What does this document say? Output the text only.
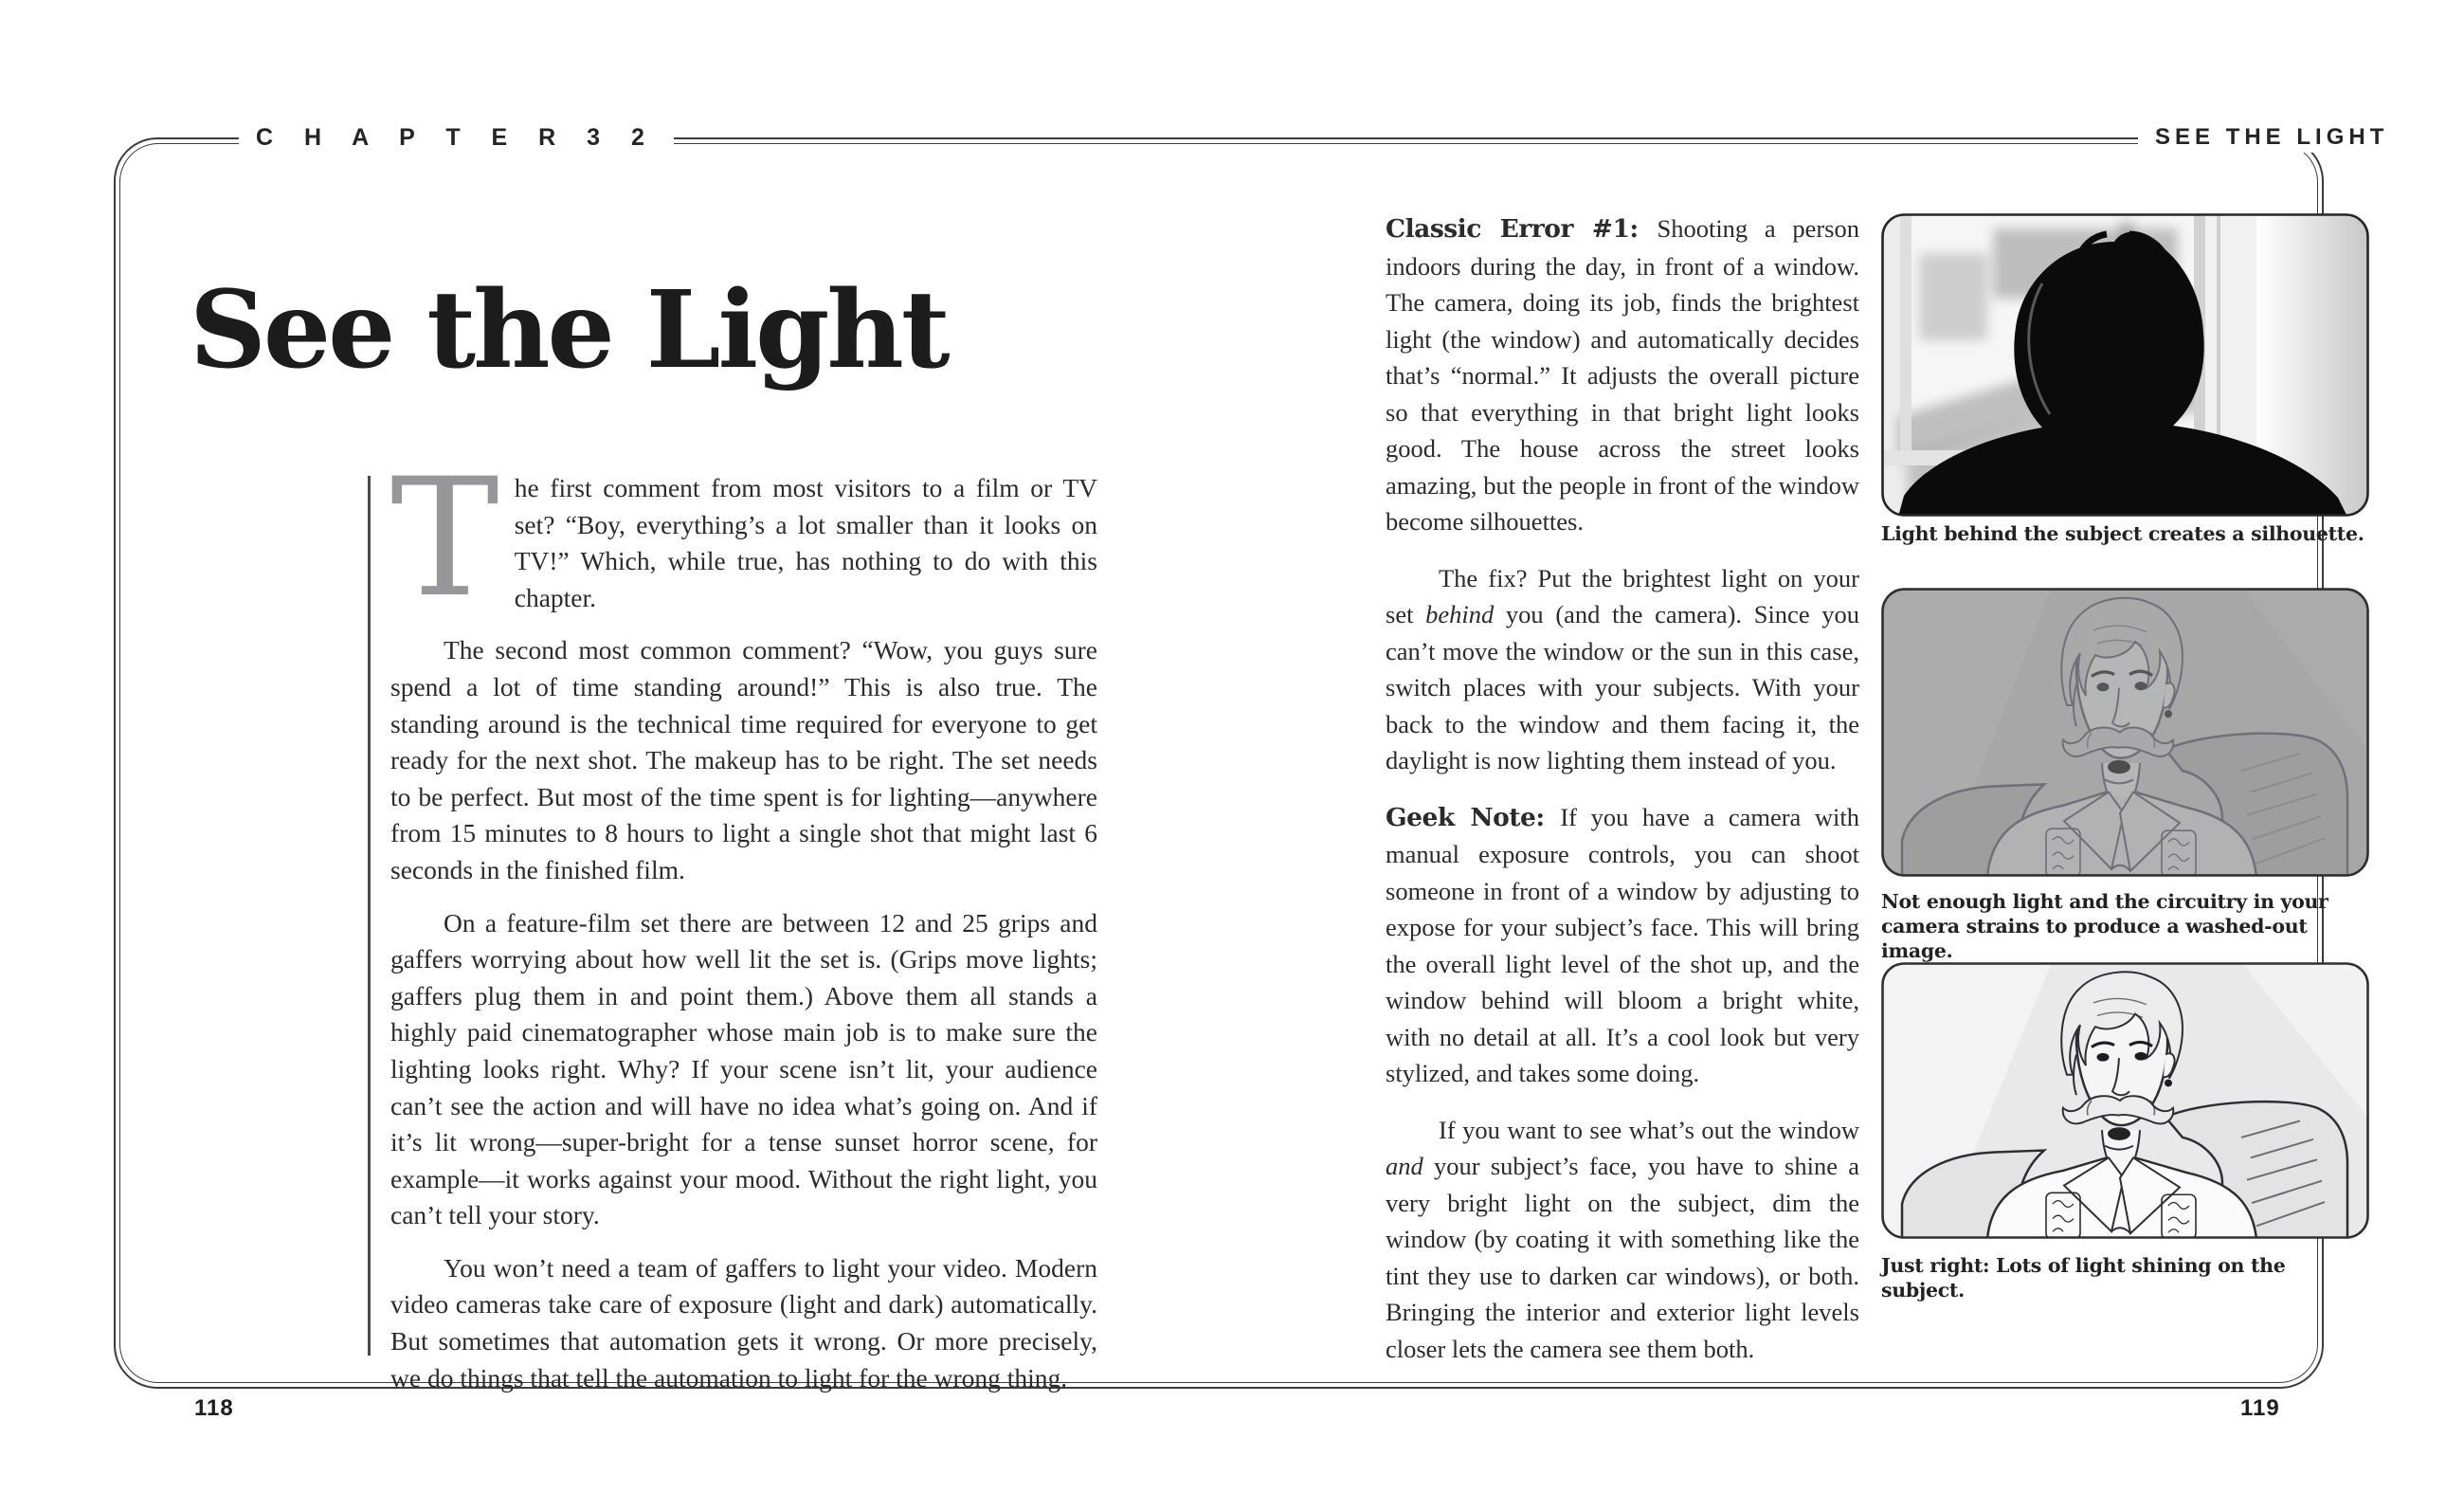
C H A P T E R 3 2	SEE THE LIGHT
See the Light

The first comment from most visitors to a film or TV set? “Boy, everything’s a lot smaller than it looks on TV!” Which, while true, has nothing to do with this chapter.

The second most common comment? “Wow, you guys sure spend a lot of time standing around!” This is also true. The standing around is the technical time required for everyone to get ready for the next shot. The makeup has to be right. The set needs to be perfect. But most of the time spent is for lighting—anywhere from 15 minutes to 8 hours to light a single shot that might last 6 seconds in the finished film.

On a feature-film set there are between 12 and 25 grips and gaffers worrying about how well lit the set is. (Grips move lights; gaffers plug them in and point them.) Above them all stands a highly paid cinematographer whose main job is to make sure the lighting looks right. Why? If your scene isn’t lit, your audience can’t see the action and will have no idea what’s going on. And if it’s lit wrong—super-bright for a tense sunset horror scene, for example—it works against your mood. Without the right light, you can’t tell your story.

You won’t need a team of gaffers to light your video. Modern video cameras take care of exposure (light and dark) automatically. But sometimes that automation gets it wrong. Or more precisely, we do things that tell the automation to light for the wrong thing.

Classic Error #1: Shooting a person indoors during the day, in front of a window. The camera, doing its job, finds the brightest light (the window) and automatically decides that’s “normal.” It adjusts the overall picture so that everything in that bright light looks good. The house across the street looks amazing, but the people in front of the window become silhouettes.

The fix? Put the brightest light on your set behind you (and the camera). Since you can’t move the window or the sun in this case, switch places with your subjects. With your back to the window and them facing it, the daylight is now lighting them instead of you.

Geek Note: If you have a camera with manual exposure controls, you can shoot someone in front of a window by adjusting to expose for your subject’s face. This will bring the overall light level of the shot up, and the window behind will bloom a bright white, with no detail at all. It’s a cool look but very stylized, and takes some doing.

If you want to see what’s out the window and your subject’s face, you have to shine a very bright light on the subject, dim the window (by coating it with something like the tint they use to darken car windows), or both. Bringing the interior and exterior light levels closer lets the camera see them both.

Light behind the subject creates a silhouette.
Not enough light and the circuitry in your camera strains to produce a washed-out image.
Just right: Lots of light shining on the subject.
118	119
